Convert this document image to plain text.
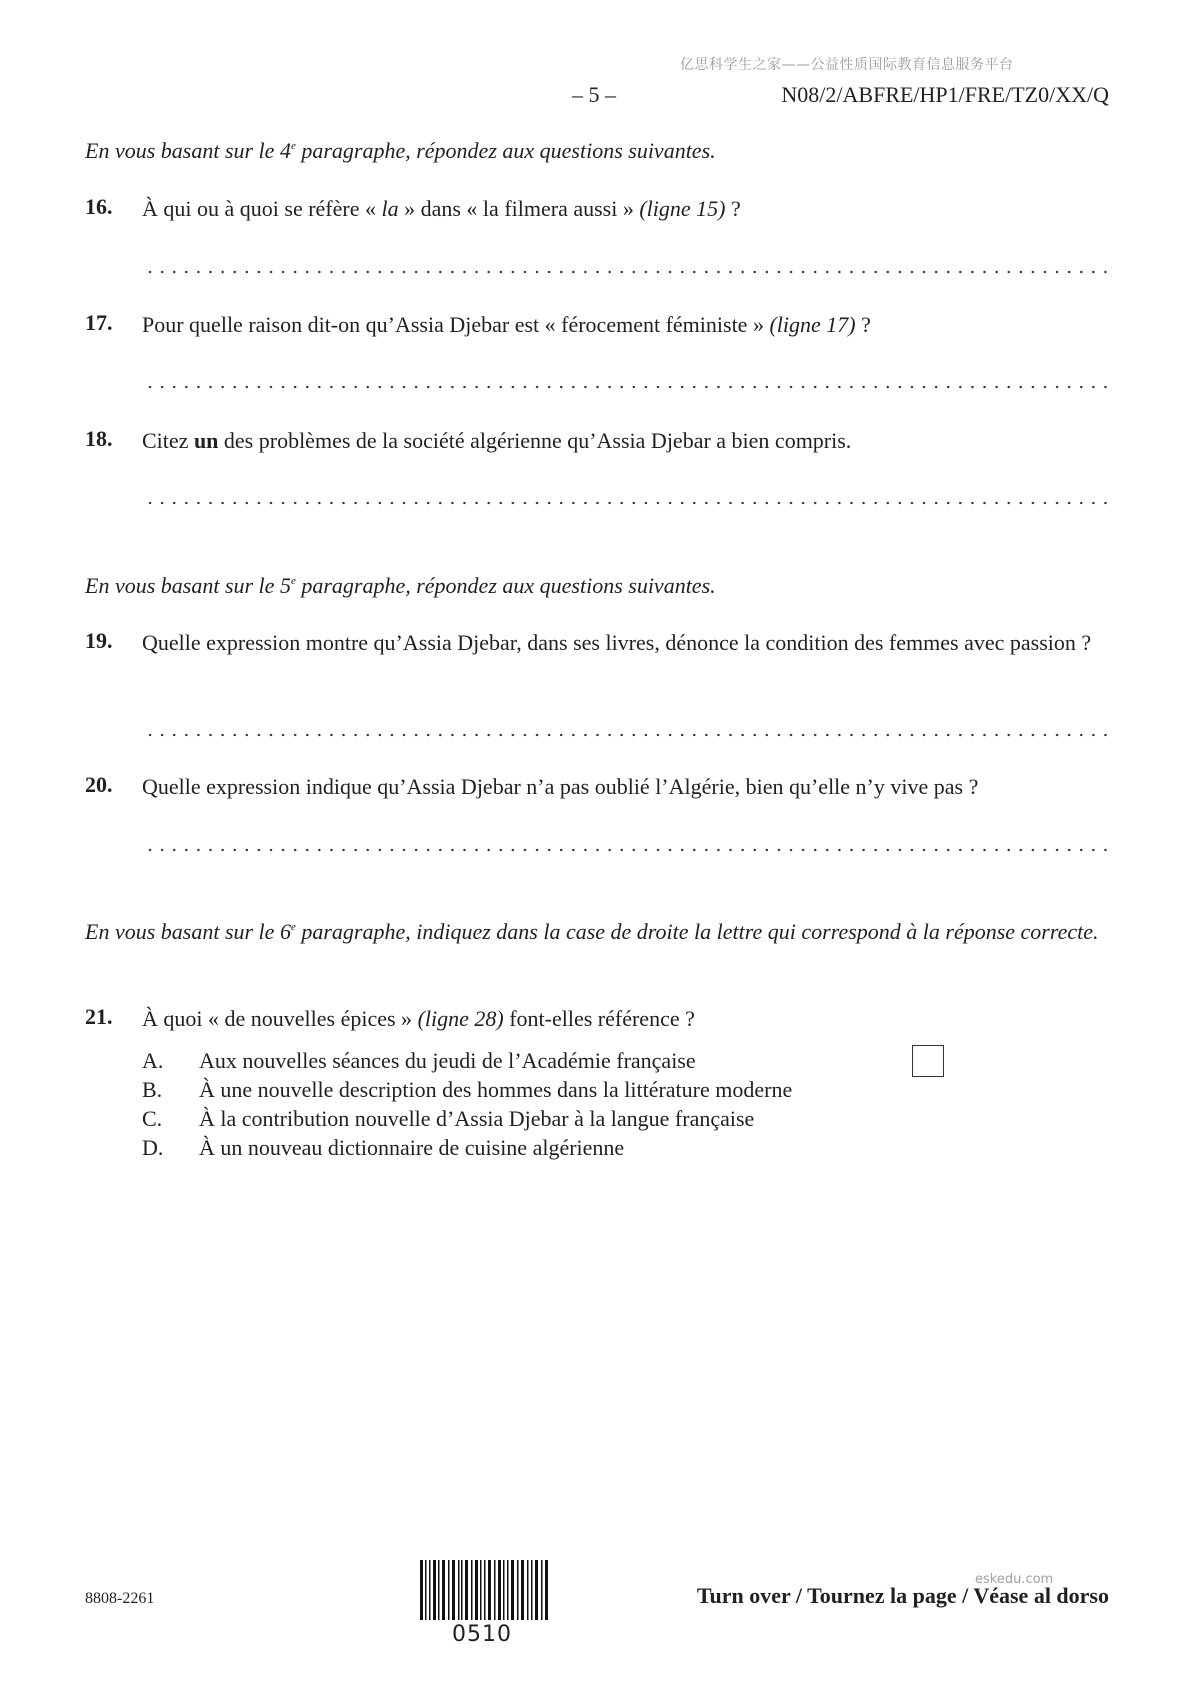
亿思科学生之家——公益性质国际教育信息服务平台
– 5 –	N08/2/ABFRE/HP1/FRE/TZ0/XX/Q
En vous basant sur le 4e paragraphe, répondez aux questions suivantes.
16. À qui ou à quoi se réfère « la » dans « la filmera aussi » (ligne 15) ?
17. Pour quelle raison dit-on qu’Assia Djebar est « férocement féministe » (ligne 17) ?
18. Citez un des problèmes de la société algérienne qu’Assia Djebar a bien compris.
En vous basant sur le 5e paragraphe, répondez aux questions suivantes.
19. Quelle expression montre qu’Assia Djebar, dans ses livres, dénonce la condition des femmes avec passion ?
20. Quelle expression indique qu’Assia Djebar n’a pas oublié l’Algérie, bien qu’elle n’y vive pas ?
En vous basant sur le 6e paragraphe, indiquez dans la case de droite la lettre qui correspond à la réponse correcte.
21. À quoi « de nouvelles épices » (ligne 28) font-elles référence ?
A. Aux nouvelles séances du jeudi de l’Académie française
B. À une nouvelle description des hommes dans la littérature moderne
C. À la contribution nouvelle d’Assia Djebar à la langue française
D. À un nouveau dictionnaire de cuisine algérienne
8808-2261
0510
eskedu.com
Turn over / Tournez la page / Véase al dorso
